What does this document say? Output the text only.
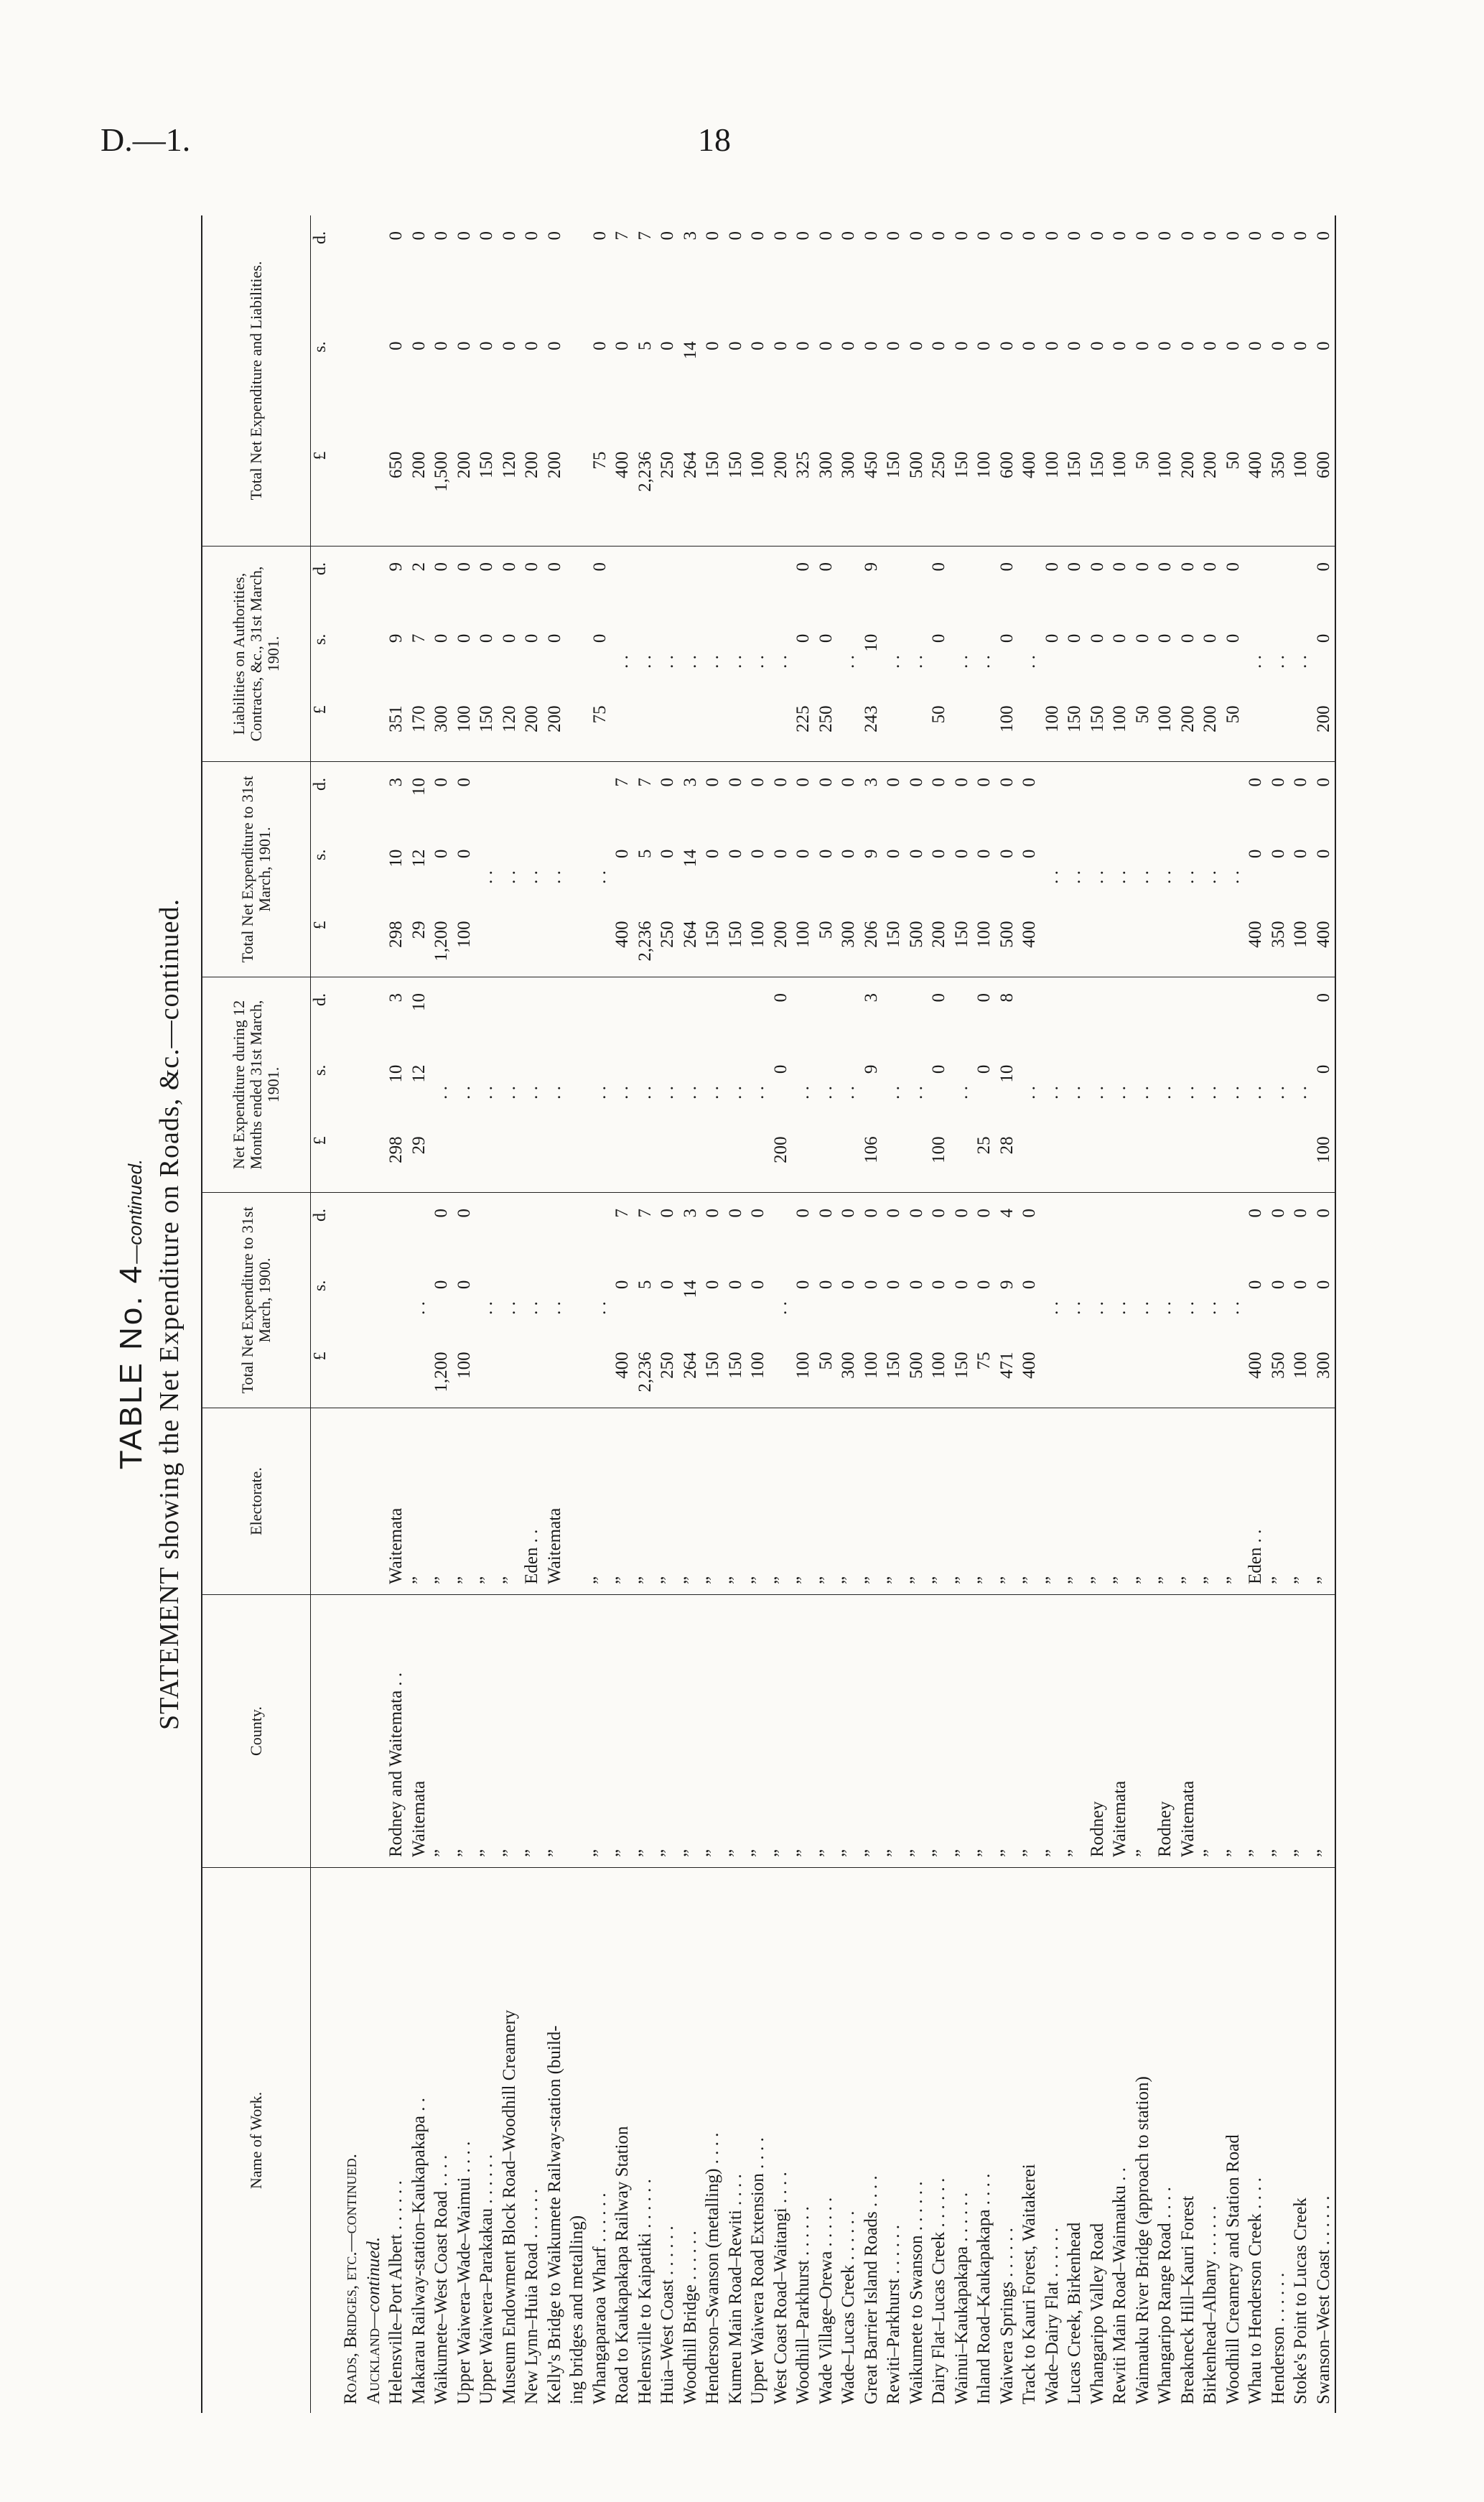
D.—1.	18
TABLE No. 4—continued. STATEMENT showing the Net Expenditure on Roads, &c.—continued.
Name of Work.
County.
Electorate.
Total Net Expenditure to 31st March, 1900.
Net Expenditure during 12 Months ended 31st March, 1901.
Total Net Expenditure to 31st March, 1901.
Liabilities on Authorities, Contracts, &c., 31st March, 1901.
Total Net Expenditure and Liabilities.
£
s.
d.
£
s.
d.
£
s.
d.
£
s.
d.
£
s.
d.
Roads, Bridges, etc.—continued. Auckland—continued. Helensville–Port Albert . . . . . .
Rodney and Waitemata . .
Waitemata
298
10
3
298
10
3
351
9
9
650
0
0
Makarau Railway-station–Kaukapakapa . .
Waitemata
”
. .
29
12
10
29
12
10
170
7
2
200
0
0
Waikumete–West Coast Road . . . .
”
”
1,200
0
0
. .
1,200
0
0
300
0
0
1,500
0
0
Upper Waiwera–Wade–Waimui . . . .
”
”
100
0
0
. .
100
0
0
100
0
0
200
0
0
Upper Waiwera–Parakakau . . . . . .
”
”
. .
. .
. .
150
0
0
150
0
0
Museum Endowment Block Road–Woodhill Creamery
”
”
. .
. .
. .
120
0
0
120
0
0
New Lynn–Huia Road . . . . . .
”
Eden . .
. .
. .
. .
200
0
0
200
0
0
Kelly's Bridge to Waikumete Railway-station (build-
”
Waitemata
. .
. .
. .
200
0
0
200
0
0
ing bridges and metalling) Whangaparaoa Wharf . . . . . .
”
”
. .
. .
. .
75
0
0
75
0
0
Road to Kaukapakapa Railway Station
”
”
400
0
7
. .
400
0
7
. .
400
0
7
Helensville to Kaipatiki . . . . . .
”
”
2,236
5
7
. .
2,236
5
7
. .
2,236
5
7
Huia–West Coast . . . . . .
”
”
250
0
0
. .
250
0
0
. .
250
0
0
Woodhill Bridge . . . . . .
”
”
264
14
3
. .
264
14
3
. .
264
14
3
Henderson–Swanson (metalling) . . . .
”
”
150
0
0
. .
150
0
0
. .
150
0
0
Kumeu Main Road–Rewiti . . . .
”
”
150
0
0
. .
150
0
0
. .
150
0
0
Upper Waiwera Road Extension . . . .
”
”
100
0
0
. .
100
0
0
. .
100
0
0
West Coast Road–Waitangi . . . .
”
”
. .
200
0
0
200
0
0
. .
200
0
0
Woodhill–Parkhurst . . . . . .
”
”
100
0
0
. .
100
0
0
225
0
0
325
0
0
Wade Village–Orewa . . . . . .
”
”
50
0
0
. .
50
0
0
250
0
0
300
0
0
Wade–Lucas Creek . . . . . .
”
”
300
0
0
. .
300
0
0
. .
300
0
0
Great Barrier Island Roads . . . .
”
”
100
0
0
106
9
3
206
9
3
243
10
9
450
0
0
Rewiti–Parkhurst . . . . . .
”
”
150
0
0
. .
150
0
0
. .
150
0
0
Waikumete to Swanson . . . . . .
”
”
500
0
0
. .
500
0
0
. .
500
0
0
Dairy Flat–Lucas Creek . . . . . .
”
”
100
0
0
100
0
0
200
0
0
50
0
0
250
0
0
Wainui–Kaukapakapa . . . . . .
”
”
150
0
0
. .
150
0
0
. .
150
0
0
Inland Road–Kaukapakapa . . . .
”
”
75
0
0
25
0
0
100
0
0
. .
100
0
0
Waiwera Springs . . . . . .
”
”
471
9
4
28
10
8
500
0
0
100
0
0
600
0
0
Track to Kauri Forest, Waitakerei
”
”
400
0
0
. .
400
0
0
. .
400
0
0
Wade–Dairy Flat . . . . . .
”
”
. .
. .
. .
100
0
0
100
0
0
Lucas Creek, Birkenhead
”
”
. .
. .
. .
150
0
0
150
0
0
Whangaripo Valley Road
Rodney
”
. .
. .
. .
150
0
0
150
0
0
Rewiti Main Road–Waimauku . .
Waitemata
”
. .
. .
. .
100
0
0
100
0
0
Waimauku River Bridge (approach to station)
”
”
. .
. .
. .
50
0
0
50
0
0
Whangaripo Range Road . . . .
Rodney
”
. .
. .
. .
100
0
0
100
0
0
Breakneck Hill–Kauri Forest
Waitemata
”
. .
. .
. .
200
0
0
200
0
0
Birkenhead–Albany . . . . . .
”
”
. .
. .
. .
200
0
0
200
0
0
Woodhill Creamery and Station Road
”
”
. .
. .
. .
50
0
0
50
0
0
Whau to Henderson Creek . . . .
”
Eden . .
400
0
0
. .
400
0
0
. .
400
0
0
Henderson . . . . . .
”
”
350
0
0
. .
350
0
0
. .
350
0
0
Stoke's Point to Lucas Creek
”
”
100
0
0
. .
100
0
0
. .
100
0
0
Swanson–West Coast . . . . . .
”
”
300
0
0
100
0
0
400
0
0
200
0
0
600
0
0
